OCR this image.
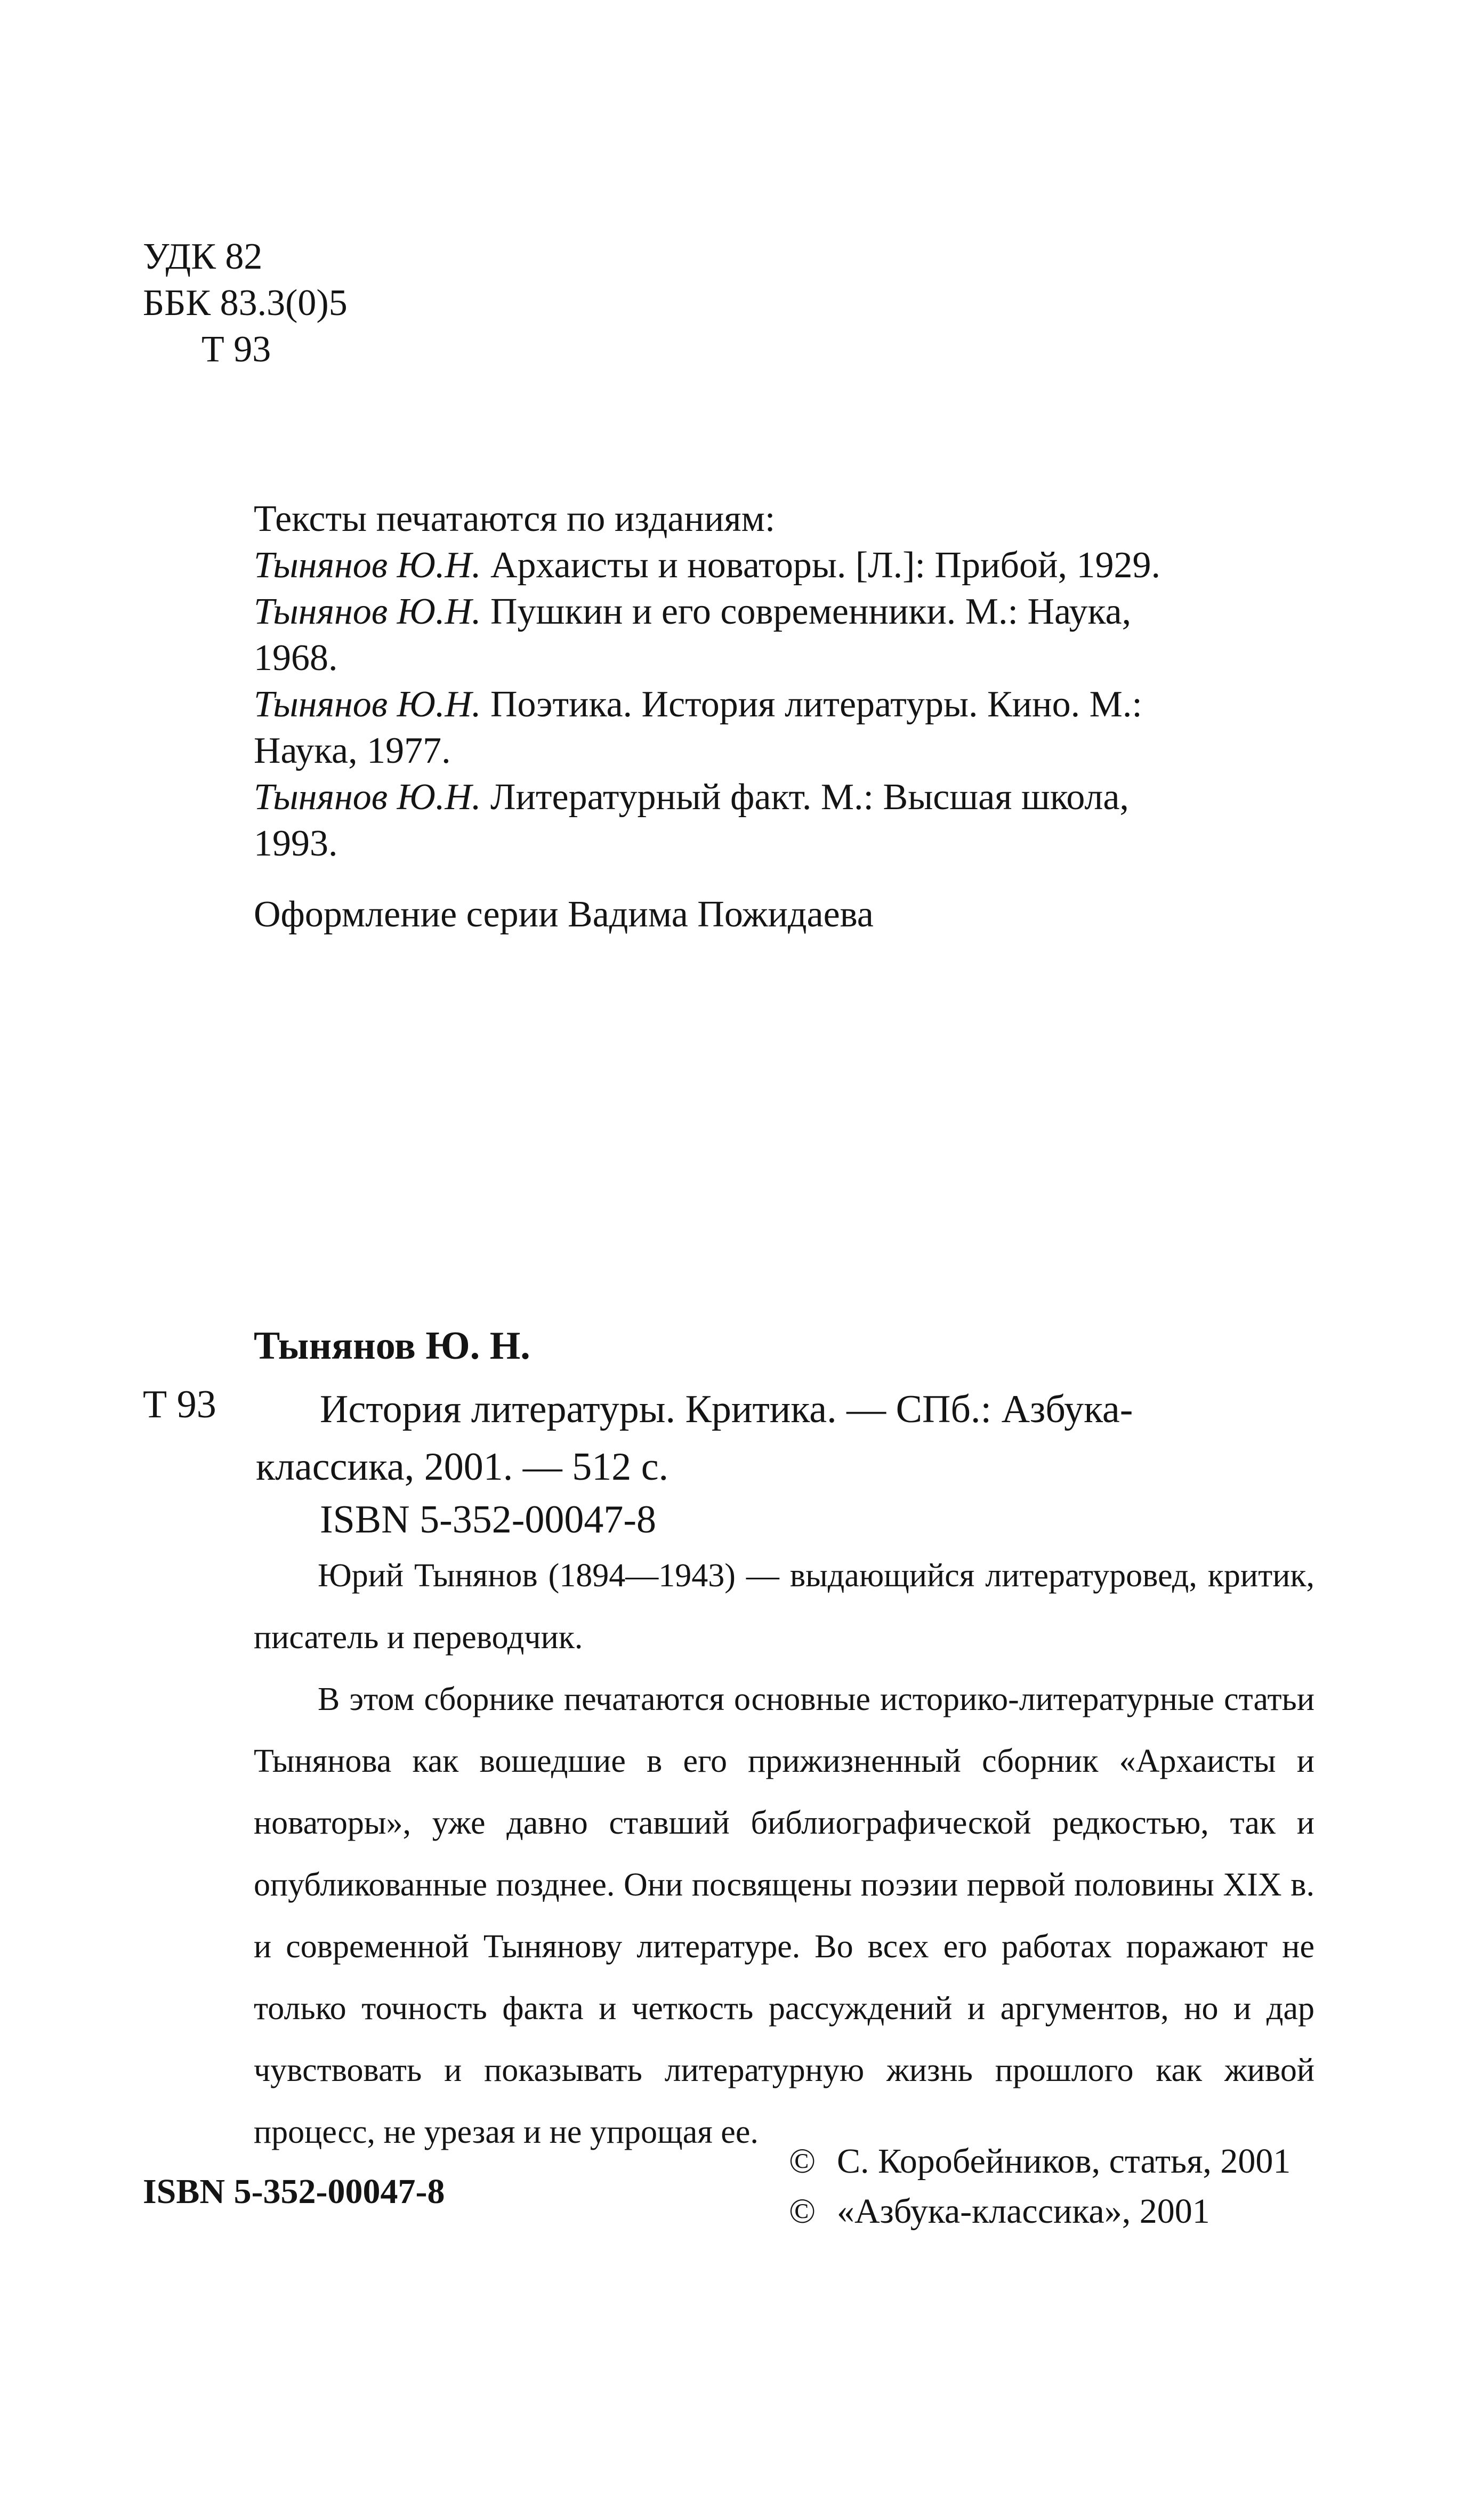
УДК 82
ББК 83.3(0)5
Т 93
Тексты печатаются по изданиям:
Тынянов Ю.Н. Архаисты и новаторы. [Л.]: Прибой, 1929.
Тынянов Ю.Н. Пушкин и его современники. М.: Наука,
1968.
Тынянов Ю.Н. Поэтика. История литературы. Кино. М.:
Наука, 1977.
Тынянов Ю.Н. Литературный факт. М.: Высшая школа,
1993.
Оформление серии Вадима Пожидаева
Тынянов Ю. Н.
Т 93	История литературы. Критика. — СПб.: Азбука-
классика, 2001. — 512 с.
ISBN 5-352-00047-8

Юрий Тынянов (1894—1943) — выдающийся литературовед, критик, писатель и переводчик.

В этом сборнике печатаются основные историко-литературные статьи Тынянова как вошедшие в его прижизненный сборник «Архаисты и новаторы», уже давно ставший библиографической редкостью, так и опубликованные позднее. Они посвящены поэзии первой половины XIX в. и современной Тынянову литературе. Во всех его работах поражают не только точность факта и четкость рассуждений и аргументов, но и дар чувствовать и показывать литературную жизнь прошлого как живой процесс, не урезая и не упрощая ее.

ISBN 5-352-00047-8
© С. Коробейников, статья, 2001
© «Азбука-классика», 2001
